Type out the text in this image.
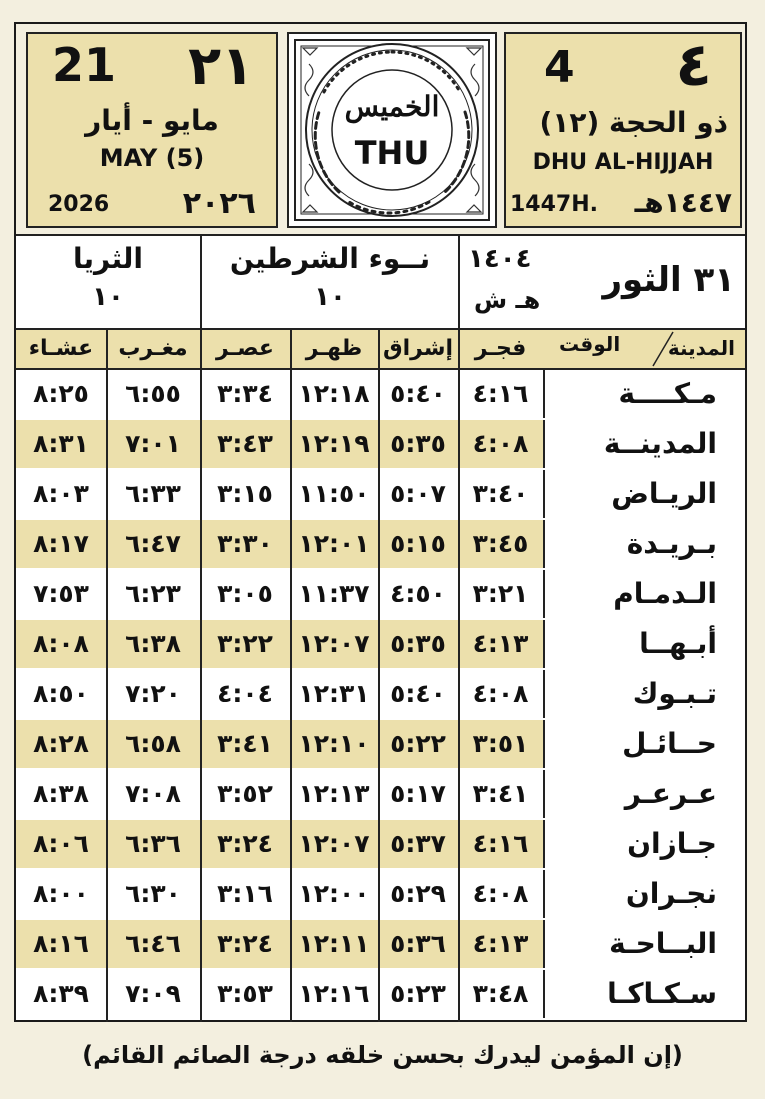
21 ٢١
مايو - أيار
MAY (5)
2026 ٢٠٢٦
الخميس
THU
4 ٤
ذو الحجة (١٢)
DHU AL-HIJJAH
1447H. ١٤٤٧هـ
الثريا
١٠
نــوء الشرطين
١٠
١٤٠٤
هـ ش ٣١ الثور
عشـاء	مغـرب	عصـر	ظهـر إشراق فجـر	المدينة
الوقت
٨:٢٥	٦:٥٥	٣:٣٤	١٢:١٨ ٥:٤٠	٤:١٦	مـكــــة
٨:٣١	٧:٠١	٣:٤٣	١٢:١٩ ٥:٣٥	٤:٠٨	المدينــة
٨:٠٣	٦:٣٣	٣:١٥	١١:٥٠ ٥:٠٧	٣:٤٠	الريـاض
٨:١٧	٦:٤٧	٣:٣٠	١٢:٠١ ٥:١٥	٣:٤٥	بـريـدة
٧:٥٣	٦:٢٣	٣:٠٥	١١:٣٧ ٤:٥٠	٣:٢١	الـدمـام
٨:٠٨	٦:٣٨	٣:٢٢	١٢:٠٧ ٥:٣٥	٤:١٣	أبـهــا
٨:٥٠	٧:٢٠	٤:٠٤	١٢:٣١ ٥:٤٠	٤:٠٨	تـبـوك
٨:٢٨	٦:٥٨	٣:٤١	١٢:١٠ ٥:٢٢	٣:٥١	حــائـل
٨:٣٨	٧:٠٨	٣:٥٢	١٢:١٣ ٥:١٧	٣:٤١	عـرعـر
٨:٠٦	٦:٣٦	٣:٢٤	١٢:٠٧ ٥:٣٧	٤:١٦	جـازان
٨:٠٠	٦:٣٠	٣:١٦	١٢:٠٠ ٥:٢٩	٤:٠٨	نجـران
٨:١٦	٦:٤٦	٣:٢٤	١٢:١١ ٥:٣٦	٤:١٣	البــاحـة
٨:٣٩	٧:٠٩	٣:٥٣	١٢:١٦ ٥:٢٣	٣:٤٨	سـكـاكـا
(إن المؤمن ليدرك بحسن خلقه درجة الصائم القائم)
